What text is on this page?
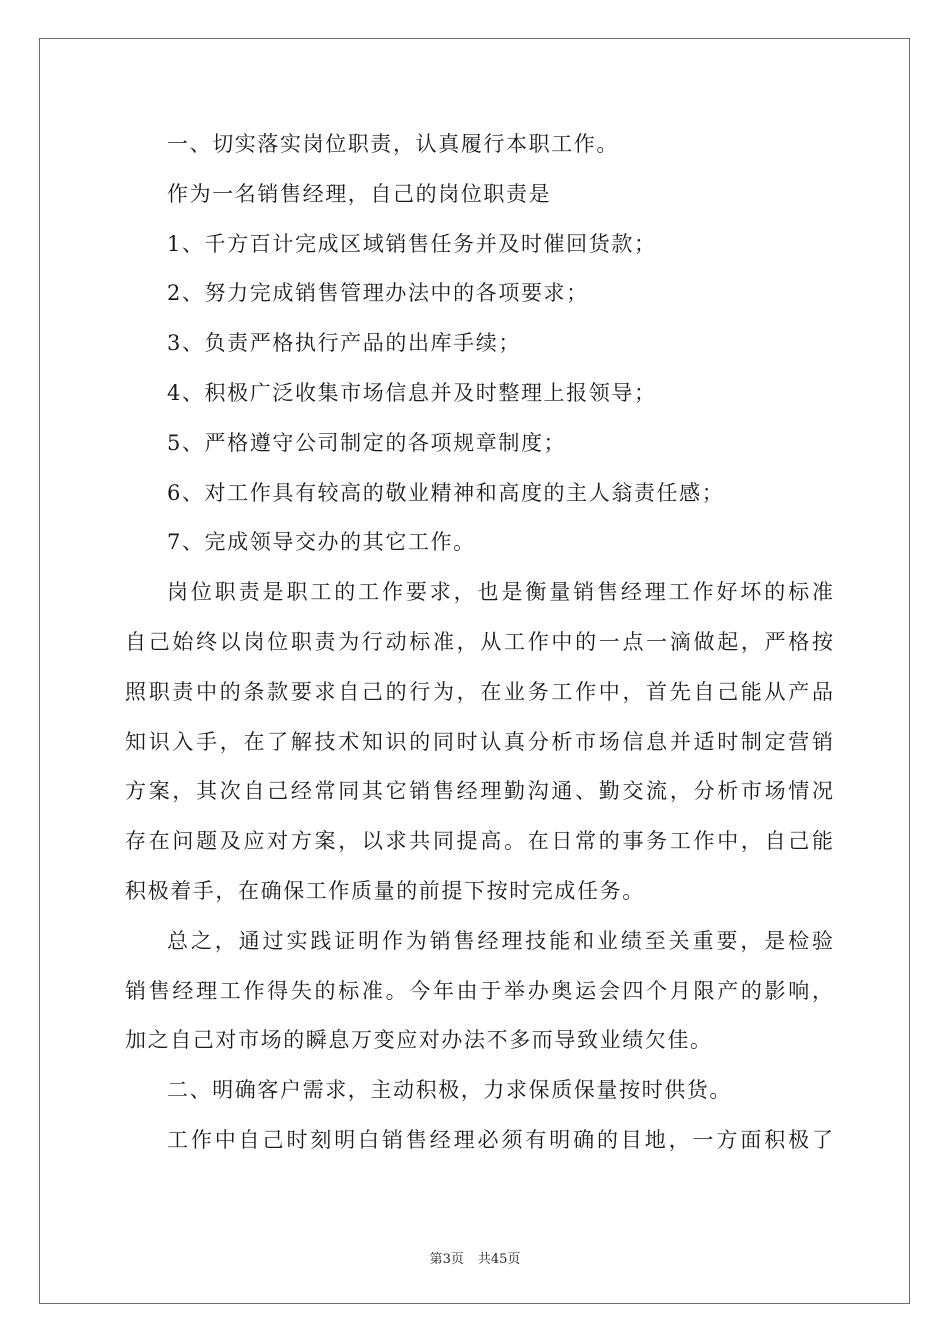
一、切实落实岗位职责，认真履行本职工作。
作为一名销售经理，自己的岗位职责是
1、千方百计完成区域销售任务并及时催回货款；
2、努力完成销售管理办法中的各项要求；
3、负责严格执行产品的出库手续；
4、积极广泛收集市场信息并及时整理上报领导；
5、严格遵守公司制定的各项规章制度；
6、对工作具有较高的敬业精神和高度的主人翁责任感；
7、完成领导交办的其它工作。
岗位职责是职工的工作要求，也是衡量销售经理工作好坏的标准
自己始终以岗位职责为行动标准，从工作中的一点一滴做起，严格按
照职责中的条款要求自己的行为，在业务工作中，首先自己能从产品
知识入手，在了解技术知识的同时认真分析市场信息并适时制定营销
方案，其次自己经常同其它销售经理勤沟通、勤交流，分析市场情况
存在问题及应对方案，以求共同提高。在日常的事务工作中，自己能
积极着手，在确保工作质量的前提下按时完成任务。
总之，通过实践证明作为销售经理技能和业绩至关重要，是检验
销售经理工作得失的标准。今年由于举办奥运会四个月限产的影响，
加之自己对市场的瞬息万变应对办法不多而导致业绩欠佳。
二、明确客户需求，主动积极，力求保质保量按时供货。
工作中自己时刻明白销售经理必须有明确的目地，一方面积极了
第3页 共45页
